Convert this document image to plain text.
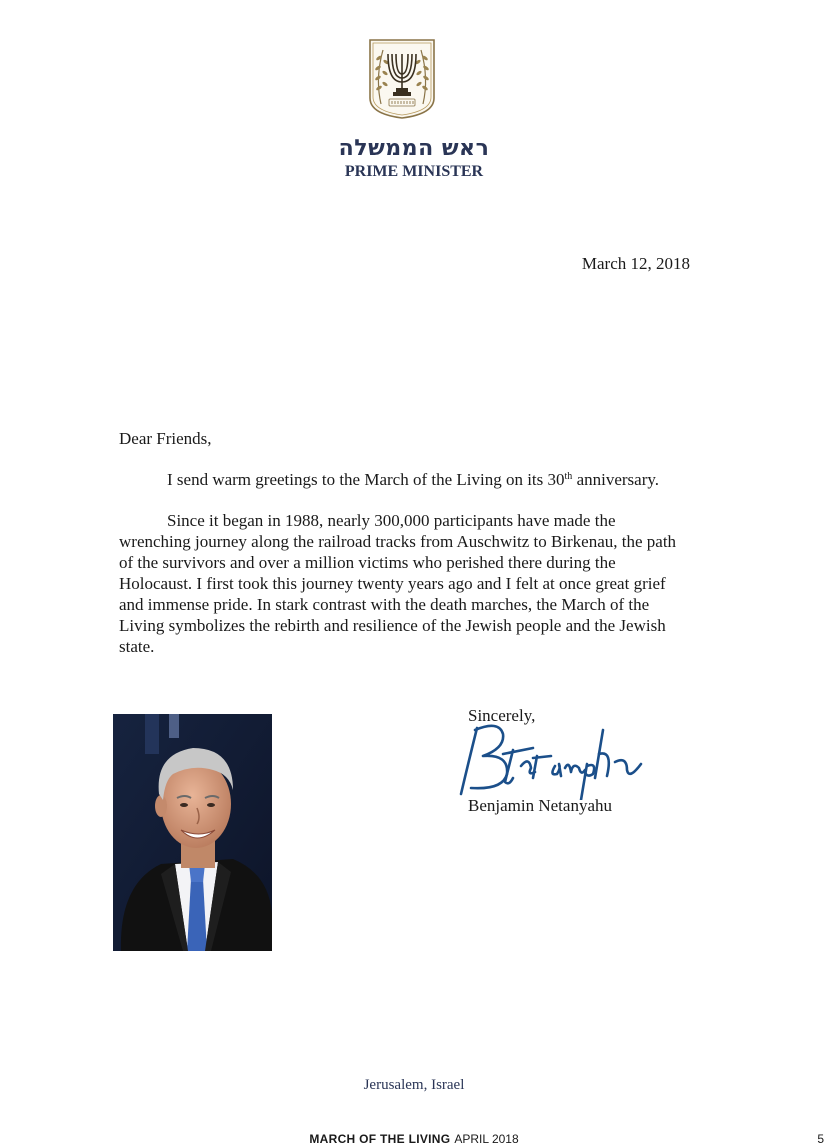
ראש הממשלה
PRIME MINISTER
March 12, 2018

Dear Friends,

I send warm greetings to the March of the Living on its 30th anniversary.

Since it began in 1988, nearly 300,000 participants have made the wrenching journey along the railroad tracks from Auschwitz to Birkenau, the path of the survivors and over a million victims who perished there during the Holocaust. I first took this journey twenty years ago and I felt at once great grief and immense pride. In stark contrast with the death marches, the March of the Living symbolizes the rebirth and resilience of the Jewish people and the Jewish state.

Sincerely,
Benjamin Netanyahu
Jerusalem, Israel
MARCH OF THE LIVING APRIL 2018	5
